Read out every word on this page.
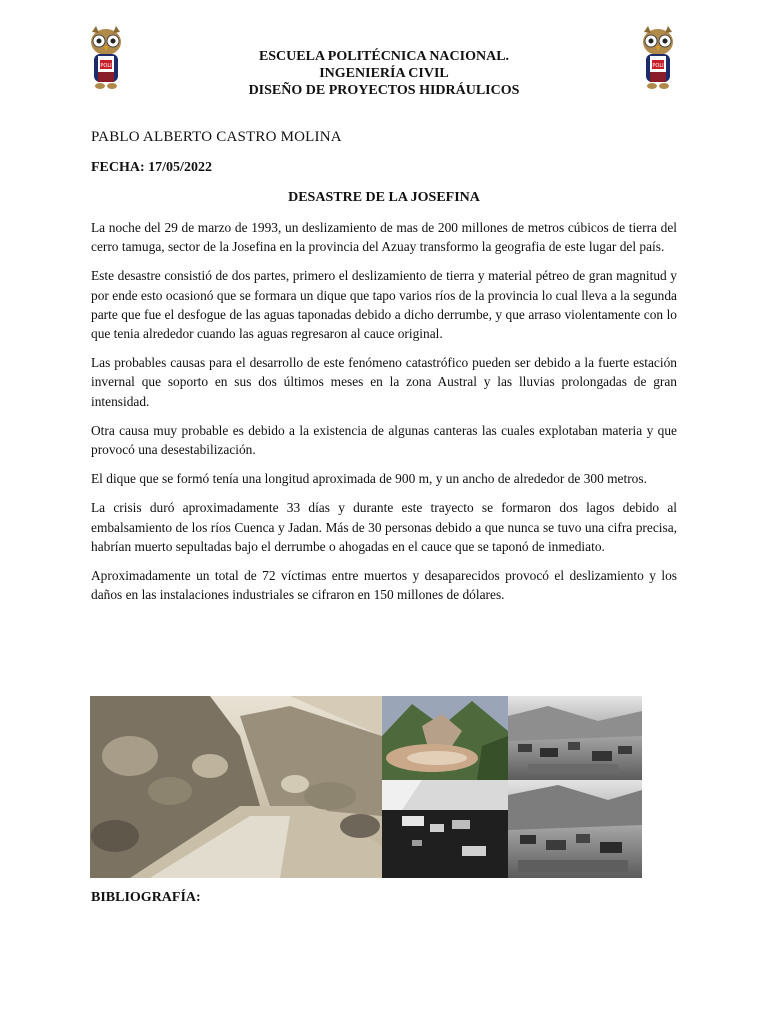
POLI	POLI
ESCUELA POLITÉCNICA NACIONAL.
INGENIERÍA CIVIL
DISEÑO DE PROYECTOS HIDRÁULICOS
PABLO ALBERTO CASTRO MOLINA
FECHA: 17/05/2022
DESASTRE DE LA JOSEFINA

La noche del 29 de marzo de 1993, un deslizamiento de mas de 200 millones de metros cúbicos de tierra del cerro tamuga, sector de la Josefina en la provincia del Azuay transformo la geografia de este lugar del país.

Este desastre consistió de dos partes, primero el deslizamiento de tierra y material pétreo de gran magnitud y por ende esto ocasionó que se formara un dique que tapo varios ríos de la provincia lo cual lleva a la segunda parte que fue el desfogue de las aguas taponadas debido a dicho derrumbe, y que arraso violentamente con lo que tenia alrededor cuando las aguas regresaron al cauce original.

Las probables causas para el desarrollo de este fenómeno catastrófico pueden ser debido a la fuerte estación invernal que soporto en sus dos últimos meses en la zona Austral y las lluvias prolongadas de gran intensidad.

Otra causa muy probable es debido a la existencia de algunas canteras las cuales explotaban materia y que provocó una desestabilización.

El dique que se formó tenía una longitud aproximada de 900 m, y un ancho de alrededor de 300 metros.

La crisis duró aproximadamente 33 días y durante este trayecto se formaron dos lagos debido al embalsamiento de los ríos Cuenca y Jadan. Más de 30 personas debido a que nunca se tuvo una cifra precisa, habrían muerto sepultadas bajo el derrumbe o ahogadas en el cauce que se taponó de inmediato.

Aproximadamente un total de 72 víctimas entre muertos y desaparecidos provocó el deslizamiento y los daños en las instalaciones industriales se cifraron en 150 millones de dólares.

BIBLIOGRAFÍA:
